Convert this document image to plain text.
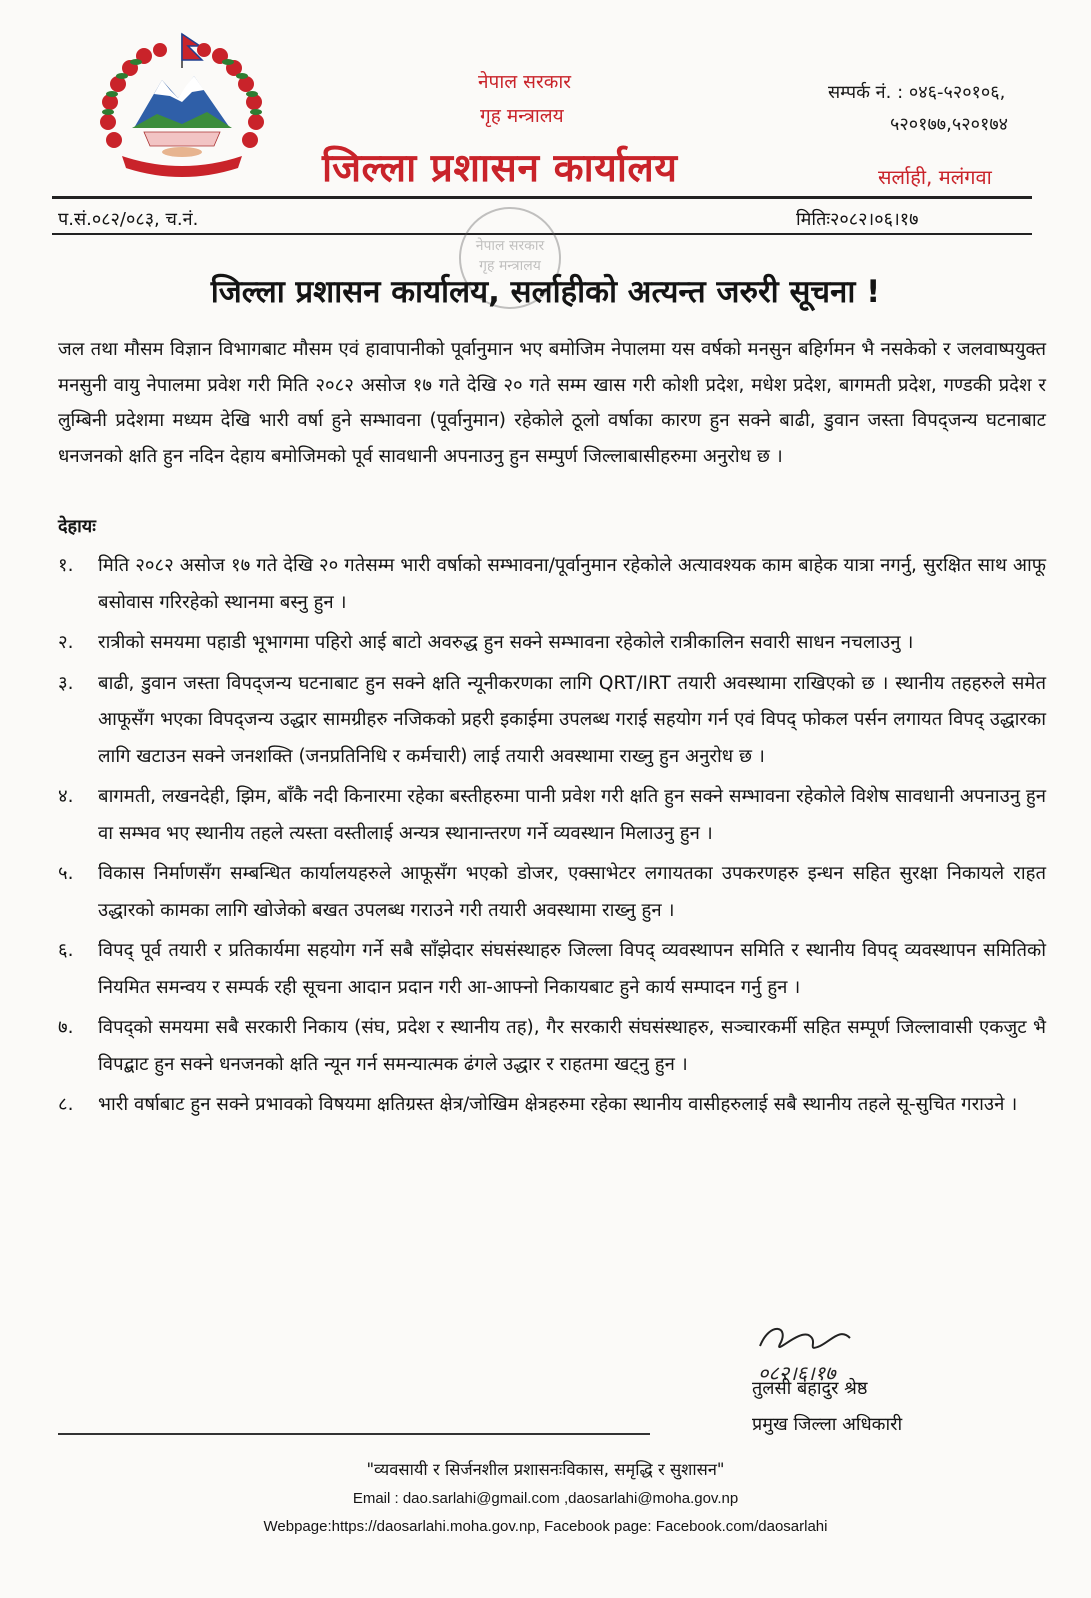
नेपाल सरकार
गृह मन्त्रालय
जिल्ला प्रशासन कार्यालय
सम्पर्क नं. : ०४६-५२०१०६,
५२०१७७,५२०१७४
सर्लाही, मलंगवा
प.सं.०८२/०८३, च.नं.	मितिः२०८२।०६।१७
नेपाल सरकार
गृह मन्त्रालय
जिल्ला प्रशासन कार्यालय, सर्लाहीको अत्यन्त जरुरी सूचना !
जल तथा मौसम विज्ञान विभागबाट मौसम एवं हावापानीको पूर्वानुमान भए बमोजिम नेपालमा यस वर्षको मनसुन बहिर्गमन भै नसकेको र जलवाष्पयुक्त मनसुनी वायु नेपालमा प्रवेश गरी मिति २०८२ असोज १७ गते देखि २० गते सम्म खास गरी कोशी प्रदेश, मधेश प्रदेश, बागमती प्रदेश, गण्डकी प्रदेश र लुम्बिनी प्रदेशमा मध्यम देखि भारी वर्षा हुने सम्भावना (पूर्वानुमान) रहेकोले ठूलो वर्षाका कारण हुन सक्ने बाढी, डुवान जस्ता विपद्जन्य घटनाबाट धनजनको क्षति हुन नदिन देहाय बमोजिमको पूर्व सावधानी अपनाउनु हुन सम्पुर्ण जिल्लाबासीहरुमा अनुरोध छ ।
देहायः
१.	मिति २०८२ असोज १७ गते देखि २० गतेसम्म भारी वर्षाको सम्भावना/पूर्वानुमान रहेकोले अत्यावश्यक काम बाहेक यात्रा नगर्नु, सुरक्षित साथ आफू बसोवास गरिरहेको स्थानमा बस्नु हुन ।
२.	रात्रीको समयमा पहाडी भूभागमा पहिरो आई बाटो अवरुद्ध हुन सक्ने सम्भावना रहेकोले रात्रीकालिन सवारी साधन नचलाउनु ।
३.	बाढी, डुवान जस्ता विपद्जन्य घटनाबाट हुन सक्ने क्षति न्यूनीकरणका लागि QRT/IRT तयारी अवस्थामा राखिएको छ । स्थानीय तहहरुले समेत आफूसँग भएका विपद्जन्य उद्धार सामग्रीहरु नजिकको प्रहरी इकाईमा उपलब्ध गराई सहयोग गर्न एवं विपद् फोकल पर्सन लगायत विपद् उद्धारका लागि खटाउन सक्ने जनशक्ति (जनप्रतिनिधि र कर्मचारी) लाई तयारी अवस्थामा राख्नु हुन अनुरोध छ ।
४.	बागमती, लखनदेही, झिम, बाँकै नदी किनारमा रहेका बस्तीहरुमा पानी प्रवेश गरी क्षति हुन सक्ने सम्भावना रहेकोले विशेष सावधानी अपनाउनु हुन वा सम्भव भए स्थानीय तहले त्यस्ता वस्तीलाई अन्यत्र स्थानान्तरण गर्ने व्यवस्थान मिलाउनु हुन ।
५.	विकास निर्माणसँग सम्बन्धित कार्यालयहरुले आफूसँग भएको डोजर, एक्साभेटर लगायतका उपकरणहरु इन्धन सहित सुरक्षा निकायले राहत उद्धारको कामका लागि खोजेको बखत उपलब्ध गराउने गरी तयारी अवस्थामा राख्नु हुन ।
६.	विपद् पूर्व तयारी र प्रतिकार्यमा सहयोग गर्ने सबै साँझेदार संघसंस्थाहरु जिल्ला विपद् व्यवस्थापन समिति र स्थानीय विपद् व्यवस्थापन समितिको नियमित समन्वय र सम्पर्क रही सूचना आदान प्रदान गरी आ-आफ्नो निकायबाट हुने कार्य सम्पादन गर्नु हुन ।
७.	विपद्को समयमा सबै सरकारी निकाय (संघ, प्रदेश र स्थानीय तह), गैर सरकारी संघसंस्थाहरु, सञ्चारकर्मी सहित सम्पूर्ण जिल्लावासी एकजुट भै विपद्बाट हुन सक्ने धनजनको क्षति न्यून गर्न समन्यात्मक ढंगले उद्धार र राहतमा खट्नु हुन ।
८.	भारी वर्षाबाट हुन सक्ने प्रभावको विषयमा क्षतिग्रस्त क्षेत्र/जोखिम क्षेत्रहरुमा रहेका स्थानीय वासीहरुलाई सबै स्थानीय तहले सू-सुचित गराउने ।
०८२।६।१७
तुलसी बहादुर श्रेष्ठ
प्रमुख जिल्ला अधिकारी
"व्यवसायी र सिर्जनशील प्रशासनःविकास, समृद्धि र सुशासन"
Email : dao.sarlahi@gmail.com ,daosarlahi@moha.gov.np
Webpage:https://daosarlahi.moha.gov.np, Facebook page: Facebook.com/daosarlahi
